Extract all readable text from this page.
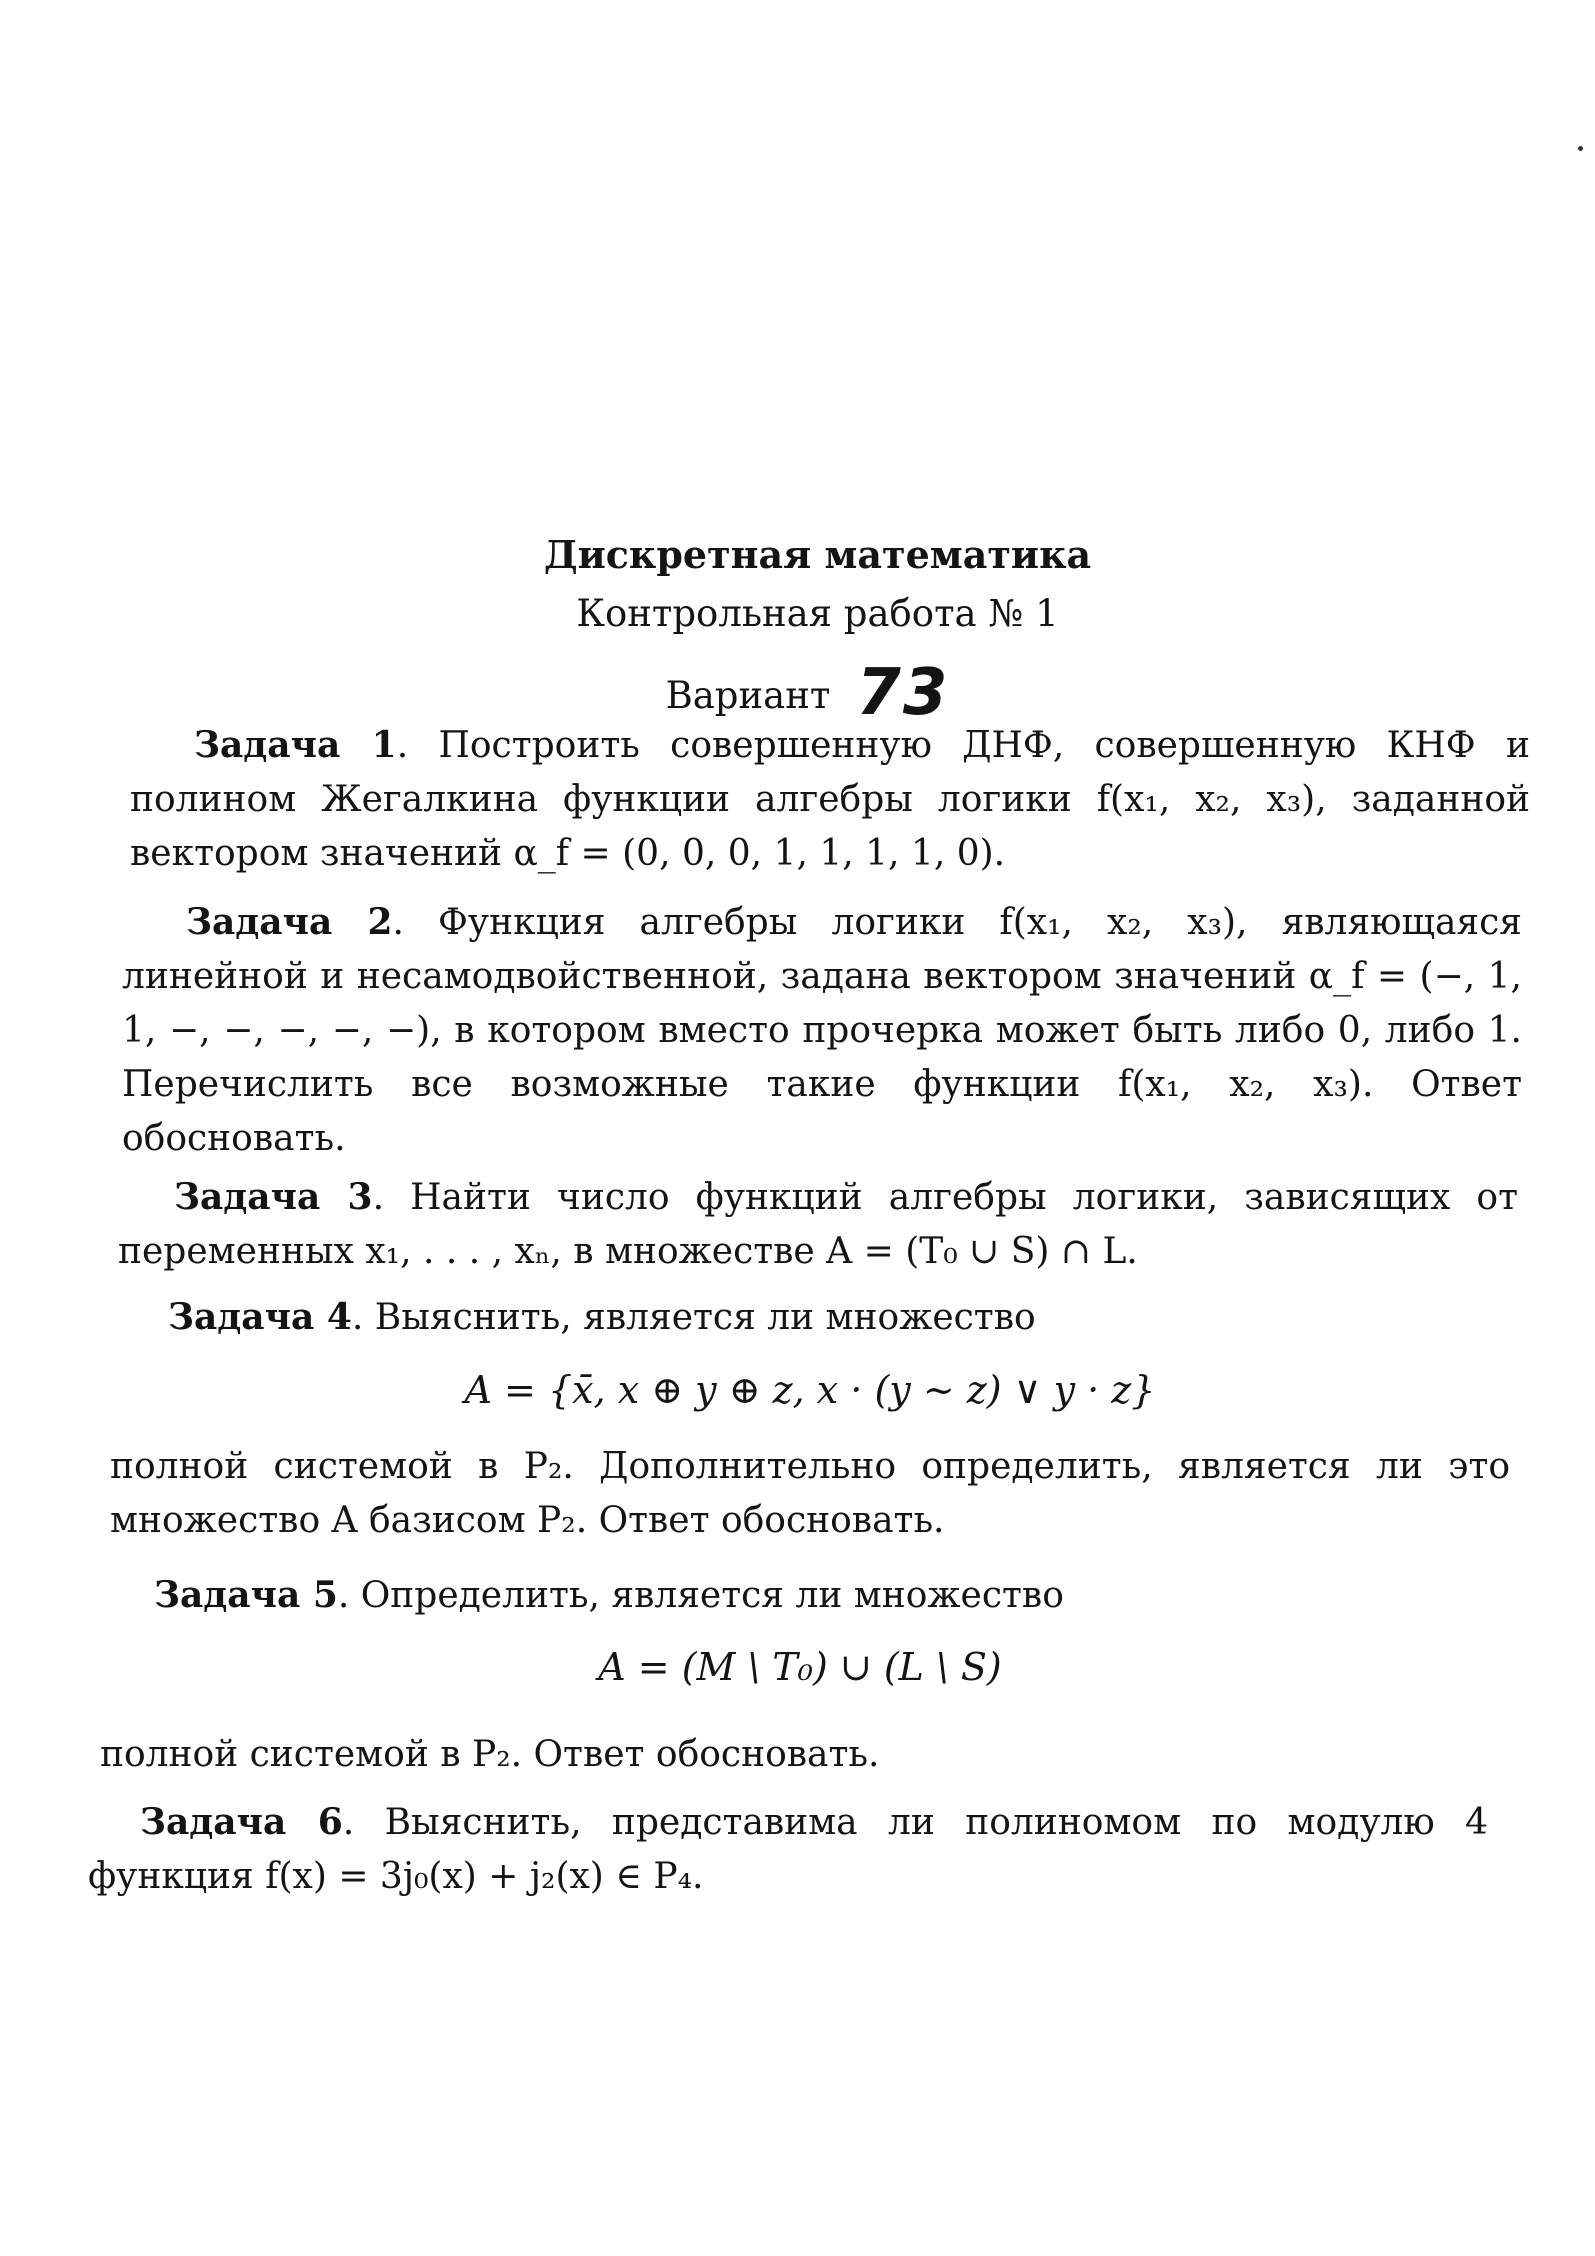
Дискретная математика
Контрольная работа № 1
Вариант 73
Задача 1. Построить совершенную ДНФ, совершенную КНФ и полином Жегалкина функции алгебры логики f(x₁, x₂, x₃), заданной вектором значений α_f = (0, 0, 0, 1, 1, 1, 1, 0).
Задача 2. Функция алгебры логики f(x₁, x₂, x₃), являющаяся линейной и несамодвойственной, задана вектором значений α_f = (−, 1, 1, −, −, −, −, −), в котором вместо прочерка может быть либо 0, либо 1. Перечислить все возможные такие функции f(x₁, x₂, x₃). Ответ обосновать.
Задача 3. Найти число функций алгебры логики, зависящих от переменных x₁, . . . , xₙ, в множестве A = (T₀ ∪ S) ∩ L.
Задача 4. Выяснить, является ли множество
A = {x̄, x ⊕ y ⊕ z, x · (y ∼ z) ∨ y · z}
полной системой в P₂. Дополнительно определить, является ли это множество A базисом P₂. Ответ обосновать.
Задача 5. Определить, является ли множество
A = (M \ T₀) ∪ (L \ S)
полной системой в P₂. Ответ обосновать.
Задача 6. Выяснить, представима ли полиномом по модулю 4 функция f(x) = 3j₀(x) + j₂(x) ∈ P₄.
